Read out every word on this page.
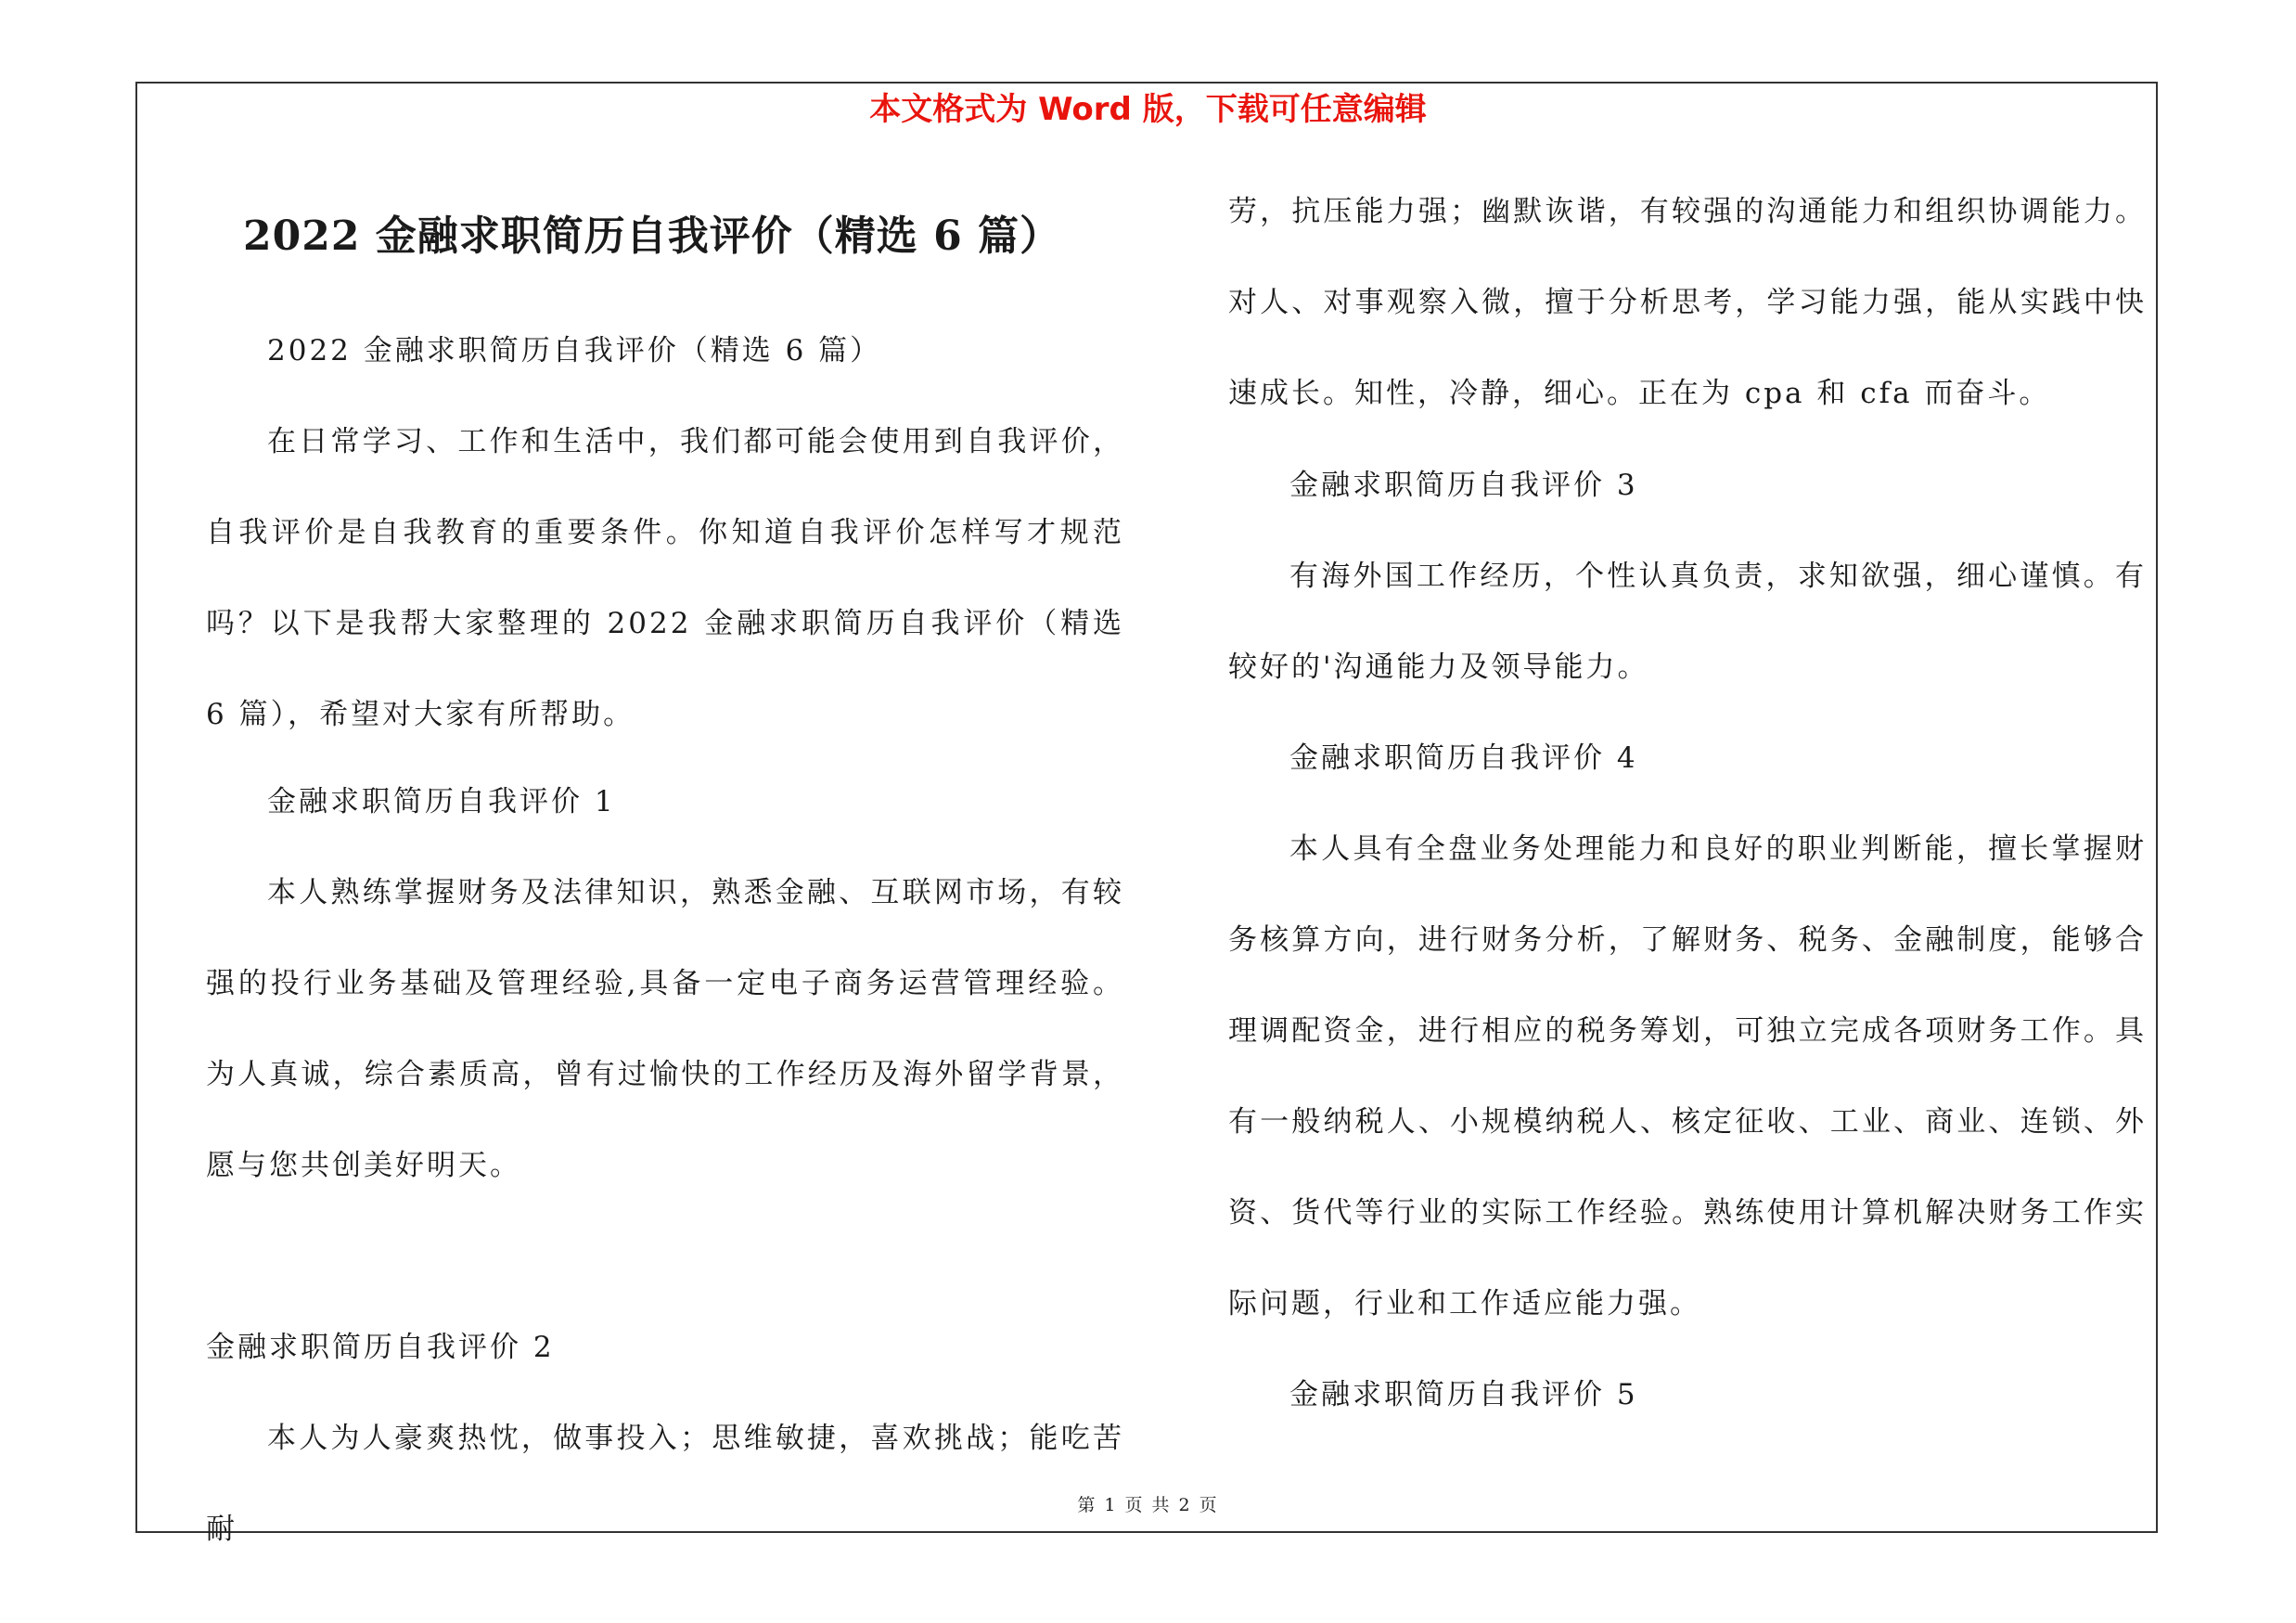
本文格式为 Word 版，下载可任意编辑
2022 金融求职简历自我评价（精选 6 篇）
2022 金融求职简历自我评价（精选 6 篇）

在日常学习、工作和生活中，我们都可能会使用到自我评价，自我评价是自我教育的重要条件。你知道自我评价怎样写才规范吗？以下是我帮大家整理的 2022 金融求职简历自我评价（精选 6 篇），希望对大家有所帮助。

金融求职简历自我评价 1

本人熟练掌握财务及法律知识，熟悉金融、互联网市场，有较强的投行业务基础及管理经验,具备一定电子商务运营管理经验。为人真诚，综合素质高，曾有过愉快的工作经历及海外留学背景，愿与您共创美好明天。

金融求职简历自我评价 2

本人为人豪爽热忱，做事投入；思维敏捷，喜欢挑战；能吃苦耐

劳，抗压能力强；幽默诙谐，有较强的沟通能力和组织协调能力。对人、对事观察入微，擅于分析思考，学习能力强，能从实践中快速成长。知性，冷静，细心。正在为 cpa 和 cfa 而奋斗。

金融求职简历自我评价 3

有海外国工作经历，个性认真负责，求知欲强，细心谨慎。有较好的'沟通能力及领导能力。

金融求职简历自我评价 4

本人具有全盘业务处理能力和良好的职业判断能，擅长掌握财务核算方向，进行财务分析，了解财务、税务、金融制度，能够合理调配资金，进行相应的税务筹划，可独立完成各项财务工作。具有一般纳税人、小规模纳税人、核定征收、工业、商业、连锁、外资、货代等行业的实际工作经验。熟练使用计算机解决财务工作实际问题，行业和工作适应能力强。

金融求职简历自我评价 5
第 1 页 共 2 页
